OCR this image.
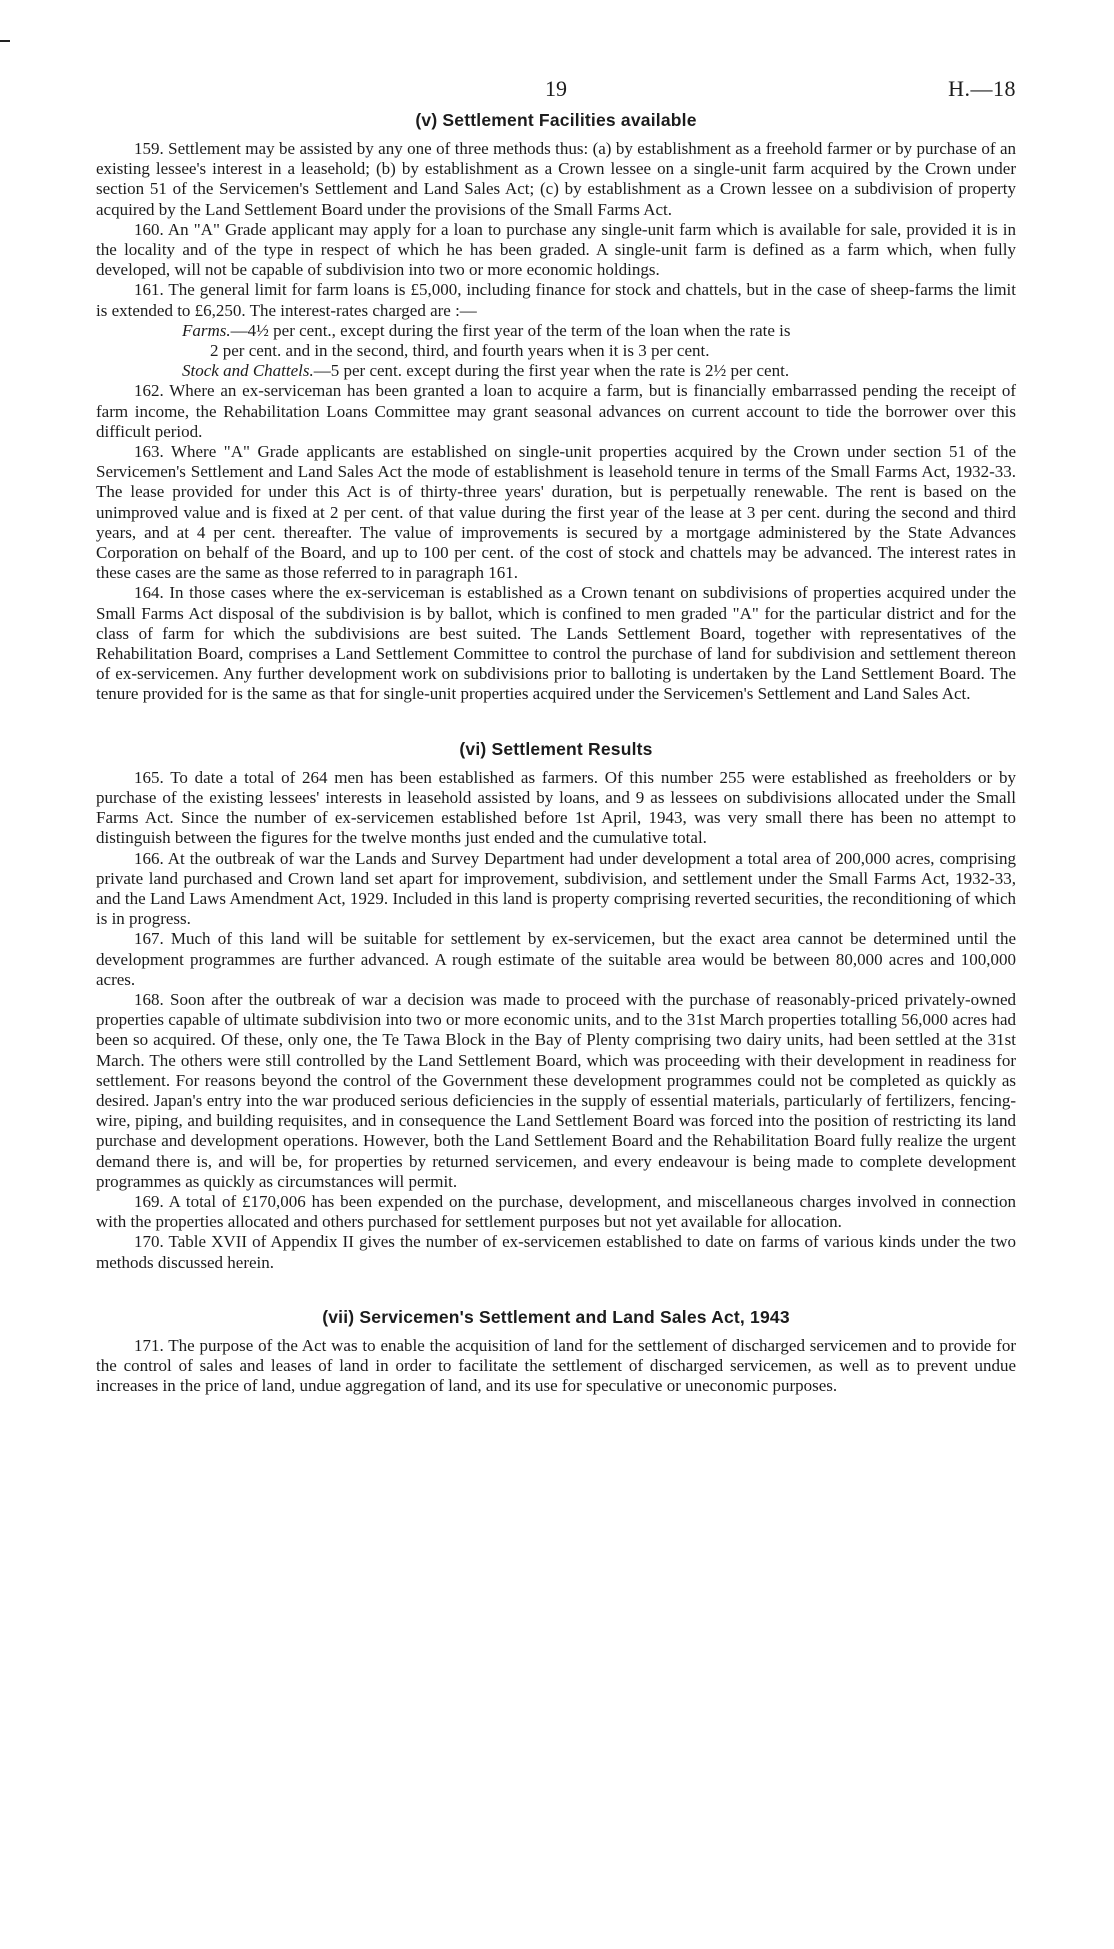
19	H.—18
(v) Settlement Facilities available

159. Settlement may be assisted by any one of three methods thus: (a) by establishment as a freehold farmer or by purchase of an existing lessee's interest in a leasehold; (b) by establishment as a Crown lessee on a single-unit farm acquired by the Crown under section 51 of the Servicemen's Settlement and Land Sales Act; (c) by establishment as a Crown lessee on a subdivision of property acquired by the Land Settlement Board under the provisions of the Small Farms Act.

160. An "A" Grade applicant may apply for a loan to purchase any single-unit farm which is available for sale, provided it is in the locality and of the type in respect of which he has been graded. A single-unit farm is defined as a farm which, when fully developed, will not be capable of subdivision into two or more economic holdings.

161. The general limit for farm loans is £5,000, including finance for stock and chattels, but in the case of sheep-farms the limit is extended to £6,250. The interest-rates charged are :—

Farms.—4½ per cent., except during the first year of the term of the loan when the rate is
2 per cent. and in the second, third, and fourth years when it is 3 per cent.

Stock and Chattels.—5 per cent. except during the first year when the rate is 2½ per cent.

162. Where an ex-serviceman has been granted a loan to acquire a farm, but is financially embarrassed pending the receipt of farm income, the Rehabilitation Loans Committee may grant seasonal advances on current account to tide the borrower over this difficult period.

163. Where "A" Grade applicants are established on single-unit properties acquired by the Crown under section 51 of the Servicemen's Settlement and Land Sales Act the mode of establishment is leasehold tenure in terms of the Small Farms Act, 1932-33. The lease provided for under this Act is of thirty-three years' duration, but is perpetually renewable. The rent is based on the unimproved value and is fixed at 2 per cent. of that value during the first year of the lease at 3 per cent. during the second and third years, and at 4 per cent. thereafter. The value of improvements is secured by a mortgage administered by the State Advances Corporation on behalf of the Board, and up to 100 per cent. of the cost of stock and chattels may be advanced. The interest rates in these cases are the same as those referred to in paragraph 161.

164. In those cases where the ex-serviceman is established as a Crown tenant on subdivisions of properties acquired under the Small Farms Act disposal of the subdivision is by ballot, which is confined to men graded "A" for the particular district and for the class of farm for which the subdivisions are best suited. The Lands Settlement Board, together with representatives of the Rehabilitation Board, comprises a Land Settlement Committee to control the purchase of land for subdivision and settlement thereon of ex-servicemen. Any further development work on subdivisions prior to balloting is undertaken by the Land Settlement Board. The tenure provided for is the same as that for single-unit properties acquired under the Servicemen's Settlement and Land Sales Act.

(vi) Settlement Results

165. To date a total of 264 men has been established as farmers. Of this number 255 were established as freeholders or by purchase of the existing lessees' interests in leasehold assisted by loans, and 9 as lessees on subdivisions allocated under the Small Farms Act. Since the number of ex-servicemen established before 1st April, 1943, was very small there has been no attempt to distinguish between the figures for the twelve months just ended and the cumulative total.

166. At the outbreak of war the Lands and Survey Department had under development a total area of 200,000 acres, comprising private land purchased and Crown land set apart for improvement, subdivision, and settlement under the Small Farms Act, 1932-33, and the Land Laws Amendment Act, 1929. Included in this land is property comprising reverted securities, the reconditioning of which is in progress.

167. Much of this land will be suitable for settlement by ex-servicemen, but the exact area cannot be determined until the development programmes are further advanced. A rough estimate of the suitable area would be between 80,000 acres and 100,000 acres.

168. Soon after the outbreak of war a decision was made to proceed with the purchase of reasonably-priced privately-owned properties capable of ultimate subdivision into two or more economic units, and to the 31st March properties totalling 56,000 acres had been so acquired. Of these, only one, the Te Tawa Block in the Bay of Plenty comprising two dairy units, had been settled at the 31st March. The others were still controlled by the Land Settlement Board, which was proceeding with their development in readiness for settlement. For reasons beyond the control of the Government these development programmes could not be completed as quickly as desired. Japan's entry into the war produced serious deficiencies in the supply of essential materials, particularly of fertilizers, fencing-wire, piping, and building requisites, and in consequence the Land Settlement Board was forced into the position of restricting its land purchase and development operations. However, both the Land Settlement Board and the Rehabilitation Board fully realize the urgent demand there is, and will be, for properties by returned servicemen, and every endeavour is being made to complete development programmes as quickly as circumstances will permit.

169. A total of £170,006 has been expended on the purchase, development, and miscellaneous charges involved in connection with the properties allocated and others purchased for settlement purposes but not yet available for allocation.

170. Table XVII of Appendix II gives the number of ex-servicemen established to date on farms of various kinds under the two methods discussed herein.

(vii) Servicemen's Settlement and Land Sales Act, 1943

171. The purpose of the Act was to enable the acquisition of land for the settlement of discharged servicemen and to provide for the control of sales and leases of land in order to facilitate the settlement of discharged servicemen, as well as to prevent undue increases in the price of land, undue aggregation of land, and its use for speculative or uneconomic purposes.
